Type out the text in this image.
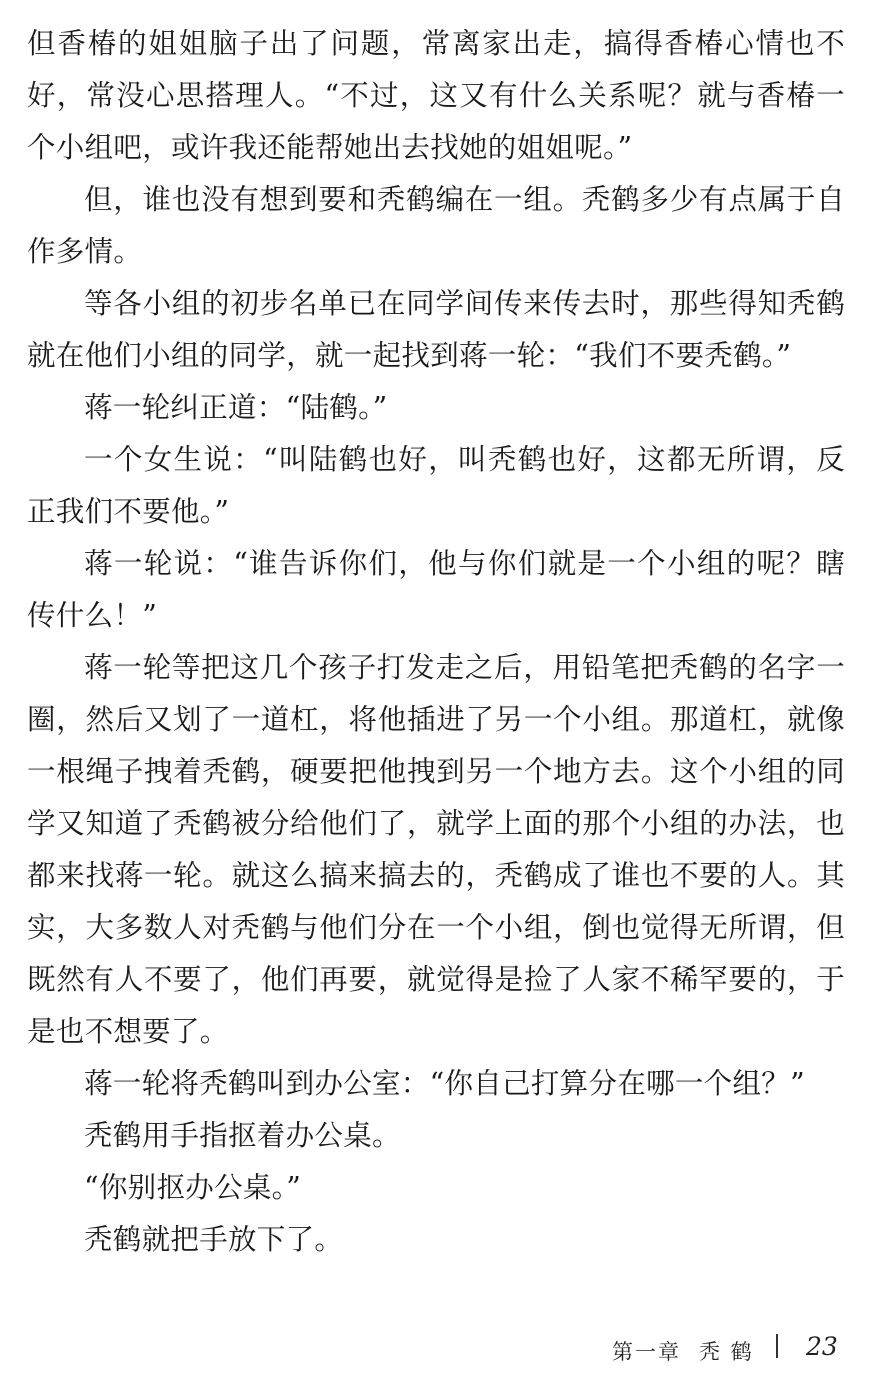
但香椿的姐姐脑子出了问题，常离家出走，搞得香椿心情也不好，常没心思搭理人。“不过，这又有什么关系呢？就与香椿一个小组吧，或许我还能帮她出去找她的姐姐呢。”

但，谁也没有想到要和秃鹤编在一组。秃鹤多少有点属于自作多情。

等各小组的初步名单已在同学间传来传去时，那些得知秃鹤就在他们小组的同学，就一起找到蒋一轮：“我们不要秃鹤。”

蒋一轮纠正道：“陆鹤。”

一个女生说：“叫陆鹤也好，叫秃鹤也好，这都无所谓，反正我们不要他。”

蒋一轮说：“谁告诉你们，他与你们就是一个小组的呢？瞎传什么！”

蒋一轮等把这几个孩子打发走之后，用铅笔把秃鹤的名字一圈，然后又划了一道杠，将他插进了另一个小组。那道杠，就像一根绳子拽着秃鹤，硬要把他拽到另一个地方去。这个小组的同学又知道了秃鹤被分给他们了，就学上面的那个小组的办法，也都来找蒋一轮。就这么搞来搞去的，秃鹤成了谁也不要的人。其实，大多数人对秃鹤与他们分在一个小组，倒也觉得无所谓，但既然有人不要了，他们再要，就觉得是捡了人家不稀罕要的，于是也不想要了。

蒋一轮将秃鹤叫到办公室：“你自己打算分在哪一个组？”

秃鹤用手指抠着办公桌。

“你别抠办公桌。”

秃鹤就把手放下了。

第一章 秃 鹤 23
